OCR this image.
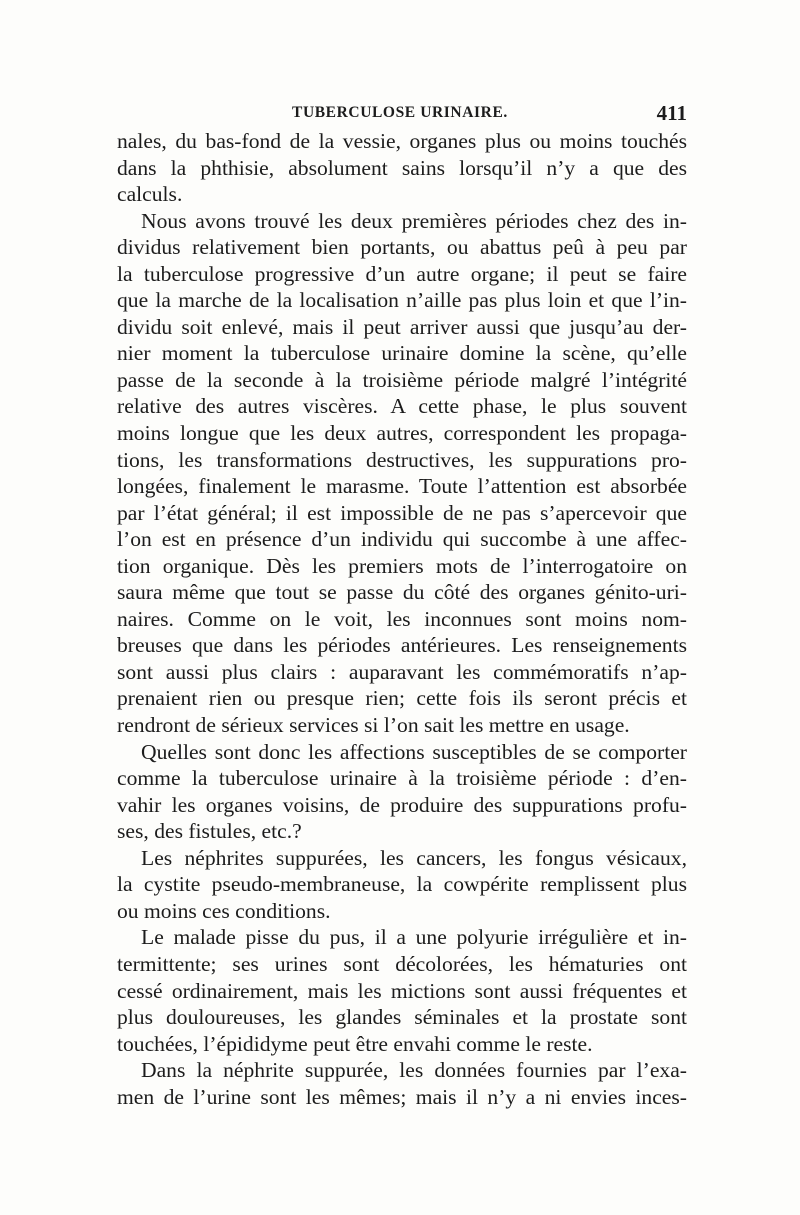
TUBERCULOSE URINAIRE.	411
nales, du bas-fond de la vessie, organes plus ou moins touchés
dans la phthisie, absolument sains lorsqu’il n’y a que des
calculs.
Nous avons trouvé les deux premières périodes chez des in-
dividus relativement bien portants, ou abattus peû à peu par
la tuberculose progressive d’un autre organe; il peut se faire
que la marche de la localisation n’aille pas plus loin et que l’in-
dividu soit enlevé, mais il peut arriver aussi que jusqu’au der-
nier moment la tuberculose urinaire domine la scène, qu’elle
passe de la seconde à la troisième période malgré l’intégrité
relative des autres viscères. A cette phase, le plus souvent
moins longue que les deux autres, correspondent les propaga-
tions, les transformations destructives, les suppurations pro-
longées, finalement le marasme. Toute l’attention est absorbée
par l’état général; il est impossible de ne pas s’apercevoir que
l’on est en présence d’un individu qui succombe à une affec-
tion organique. Dès les premiers mots de l’interrogatoire on
saura même que tout se passe du côté des organes génito-uri-
naires. Comme on le voit, les inconnues sont moins nom-
breuses que dans les périodes antérieures. Les renseignements
sont aussi plus clairs : auparavant les commémoratifs n’ap-
prenaient rien ou presque rien; cette fois ils seront précis et
rendront de sérieux services si l’on sait les mettre en usage.
Quelles sont donc les affections susceptibles de se comporter
comme la tuberculose urinaire à la troisième période : d’en-
vahir les organes voisins, de produire des suppurations profu-
ses, des fistules, etc.?
Les néphrites suppurées, les cancers, les fongus vésicaux,
la cystite pseudo-membraneuse, la cowpérite remplissent plus
ou moins ces conditions.
Le malade pisse du pus, il a une polyurie irrégulière et in-
termittente; ses urines sont décolorées, les hématuries ont
cessé ordinairement, mais les mictions sont aussi fréquentes et
plus douloureuses, les glandes séminales et la prostate sont
touchées, l’épididyme peut être envahi comme le reste.
Dans la néphrite suppurée, les données fournies par l’exa-
men de l’urine sont les mêmes; mais il n’y a ni envies inces-
